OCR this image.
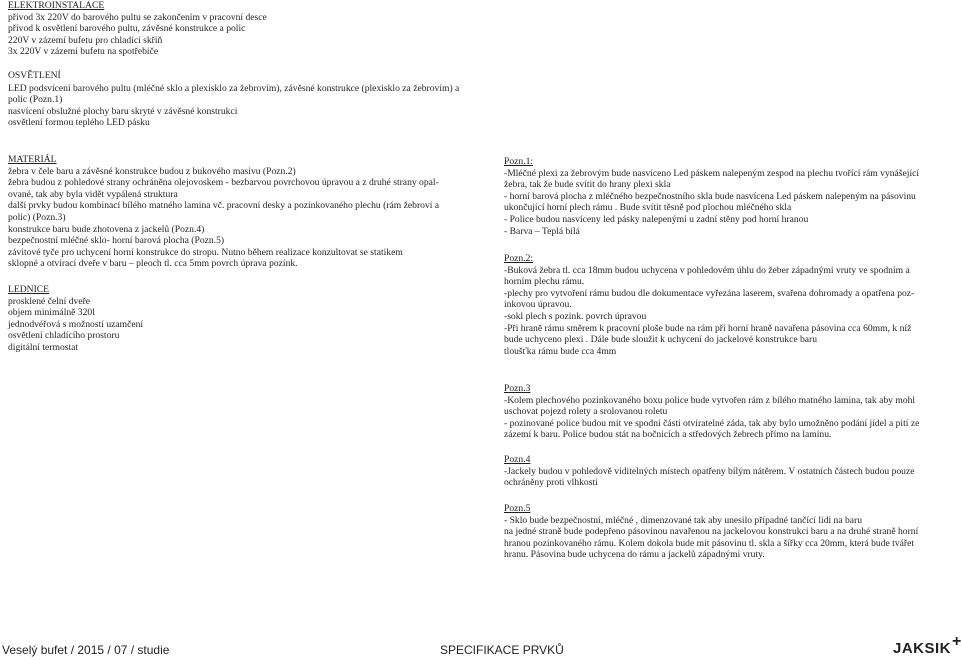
ELEKTROINSTALACE
přívod 3x 220V do barového pultu se zakončením v pracovní desce
přívod k osvětlení barového pultu, závěsné konstrukce a polic
220V v zázemí bufetu pro chladící skříň
3x 220V v zázemí bufetu na spotřebiče
OSVĚTLENÍ
LED podsvícení barového pultu (mléčné sklo a plexisklo za žebrovím), závěsné konstrukce (plexisklo za žebrovím) a
polic (Pozn.1)
nasvícení obslužné plochy baru skryté v závěsné konstrukci
osvětlení formou teplého LED pásku
MATERIÁL
žebra v čele baru a závěsné konstrukce budou z bukového masivu (Pozn.2)
žebra budou z pohledové strany ochráněna olejovoskem - bezbarvou povrchovou úpravou a z druhé strany opal-
ované, tak aby byla vidět vypálená struktura
další prvky budou kombinací bílého matného lamina vč. pracovní desky a pozinkovaného plechu (rám žebroví a
polic) (Pozn.3)
konstrukce baru bude zhotovena z jackelů (Pozn.4)
bezpečnostní mléčné sklo- horní barová plocha (Pozn.5)
závitové tyče pro uchycení horní konstrukce do stropu. Nutno během realizace konzultovat se statikem
sklopné a otvírací dveře v baru – pleoch tl. cca 5mm povrch úprava pozink.
LEDNICE
prosklené čelní dveře
objem minimálně 320l
jednodvéřová s možností uzamčení
osvětlení chladícího prostoru
digitální termostat
Pozn.1:
-Mléčné plexi za žebrovým bude nasvíceno Led páskem nalepeným zespod na plechu tvořící rám vynášející
žebra, tak že bude svítit do hrany plexi skla
- horní barová plocha z mléčného bezpečnostního skla bude nasvícena Led páskem nalepeným na pásovinu
ukončující horní plech rámu . Bude svítit těsně pod plochou mléčného skla
- Police budou nasvíceny led pásky nalepenými u zadní stěny pod horní hranou
- Barva – Teplá bílá
Pozn.2:
-Buková žebra tl. cca 18mm budou uchycena v pohledovém úhlu do žeber západnými vruty ve spodním a
horním plechu rámu.
-plechy pro vytvoření rámu budou dle dokumentace vyřezána laserem, svařena dohromady a opatřena poz-
inkovou úpravou.
-sokl plech s pozink. povrch úpravou
-Při hraně rámu směrem k pracovní ploše bude na rám při horní hraně navařena pásovina cca 60mm, k níž
bude uchyceno plexi . Dále bude sloužit k uchycení do jackelové konstrukce baru
tloušťka rámu bude cca 4mm
Pozn.3
-Kolem plechového pozinkovaného boxu police bude vytvořen rám z bílého matného lamina, tak aby mohl
uschovat pojezd rolety a srolovanou roletu
- pozinované police budou mít ve spodní části otvíratelné záda, tak aby bylo umožněno podání jídel a pití ze
zázemí k baru. Police budou stát na bočnicích a středových žebrech přímo na laminu.
Pozn.4
-Jackely budou v pohledově viditelných místech opatřeny bílým nátěrem. V ostatních částech budou pouze
ochráněny proti vlhkosti
Pozn.5
- Sklo bude bezpečnostní, mléčné , dimenzované tak aby unesilo případné tančící lidi na baru
na jedné straně bude podepřeno pásovinou navařenou na jackelovou konstrukci baru a na druhé straně horní
hranou pozinkovaného rámu. Kolem dokola bude mít pásovinu tl. skla a šířky cca 20mm, která bude tvářet
hranu. Pásovina bude uchycena do rámu a jackelů západnými vruty.
Veselý bufet / 2015 / 07 / studie	SPECIFIKACE PRVKŮ	JAKSIK+
